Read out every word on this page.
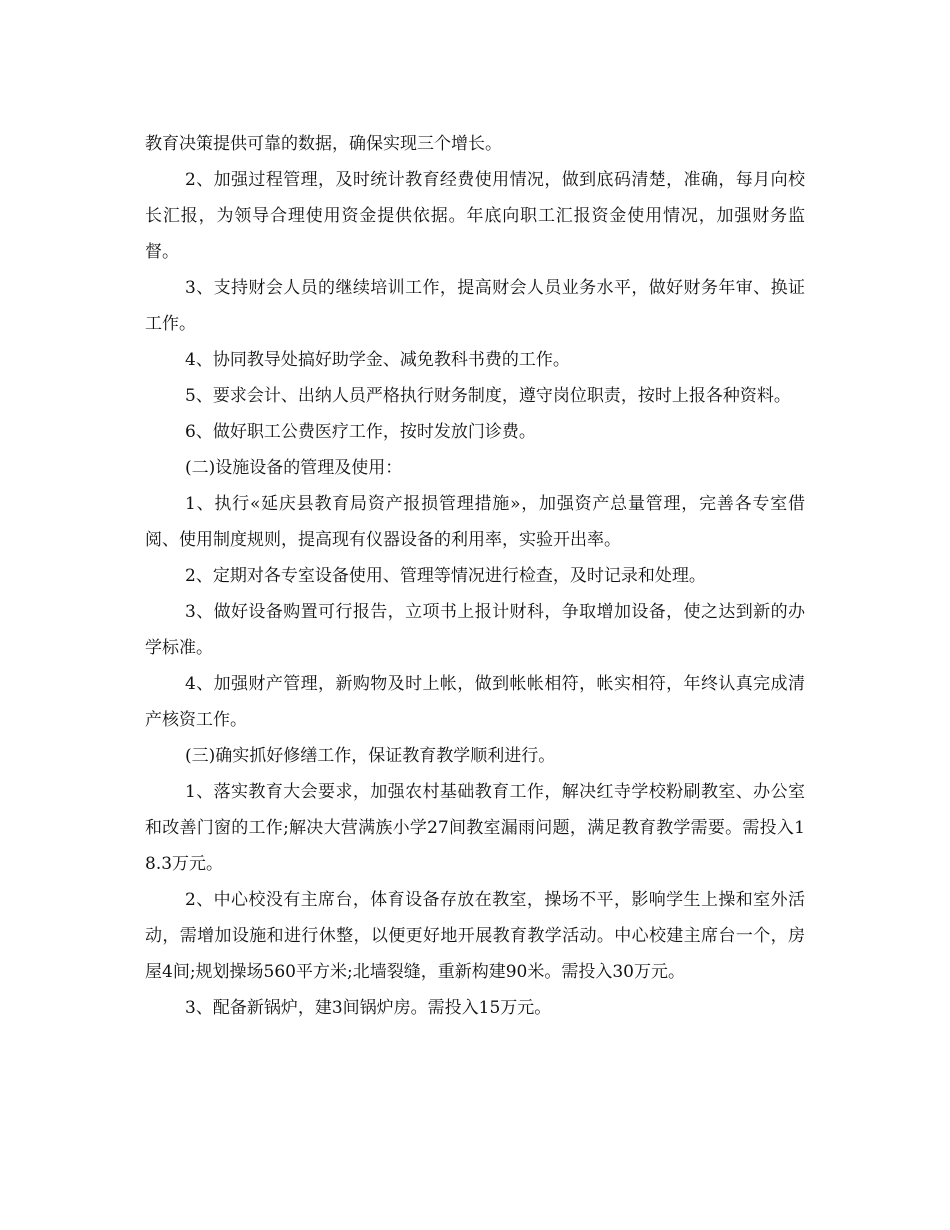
教育决策提供可靠的数据，确保实现三个增长。

2、加强过程管理，及时统计教育经费使用情况，做到底码清楚，准确，每月向校长汇报，为领导合理使用资金提供依据。年底向职工汇报资金使用情况，加强财务监督。

3、支持财会人员的继续培训工作，提高财会人员业务水平，做好财务年审、换证工作。

4、协同教导处搞好助学金、减免教科书费的工作。

5、要求会计、出纳人员严格执行财务制度，遵守岗位职责，按时上报各种资料。

6、做好职工公费医疗工作，按时发放门诊费。

(二)设施设备的管理及使用：

1、执行«延庆县教育局资产报损管理措施»，加强资产总量管理，完善各专室借阅、使用制度规则，提高现有仪器设备的利用率，实验开出率。

2、定期对各专室设备使用、管理等情况进行检查，及时记录和处理。

3、做好设备购置可行报告，立项书上报计财科，争取增加设备，使之达到新的办学标准。

4、加强财产管理，新购物及时上帐，做到帐帐相符，帐实相符，年终认真完成清产核资工作。

(三)确实抓好修缮工作，保证教育教学顺利进行。

1、落实教育大会要求，加强农村基础教育工作，解决红寺学校粉刷教室、办公室和改善门窗的工作;解决大营满族小学27间教室漏雨问题，满足教育教学需要。需投入18.3万元。

2、中心校没有主席台，体育设备存放在教室，操场不平，影响学生上操和室外活动，需增加设施和进行休整，以便更好地开展教育教学活动。中心校建主席台一个，房屋4间;规划操场560平方米;北墙裂缝，重新构建90米。需投入30万元。

3、配备新锅炉，建3间锅炉房。需投入15万元。
